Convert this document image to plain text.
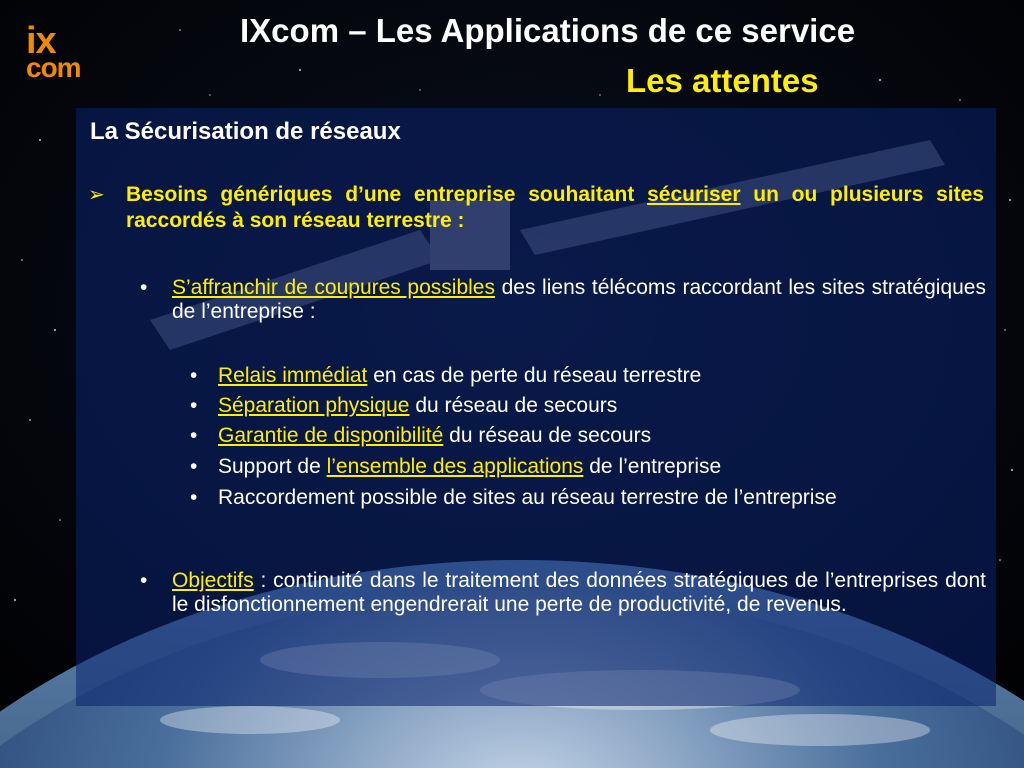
ix
com
IXcom – Les Applications de ce service
Les attentes
La Sécurisation de réseaux
➢ Besoins génériques d’une entreprise souhaitant sécuriser un ou plusieurs sites raccordés à son réseau terrestre :
• S’affranchir de coupures possibles des liens télécoms raccordant les sites stratégiques de l’entreprise :
• Relais immédiat en cas de perte du réseau terrestre
• Séparation physique du réseau de secours
• Garantie de disponibilité du réseau de secours
• Support de l’ensemble des applications de l’entreprise
• Raccordement possible de sites au réseau terrestre de l’entreprise
• Objectifs : continuité dans le traitement des données stratégiques de l’entreprises dont le disfonctionnement engendrerait une perte de productivité, de revenus.
